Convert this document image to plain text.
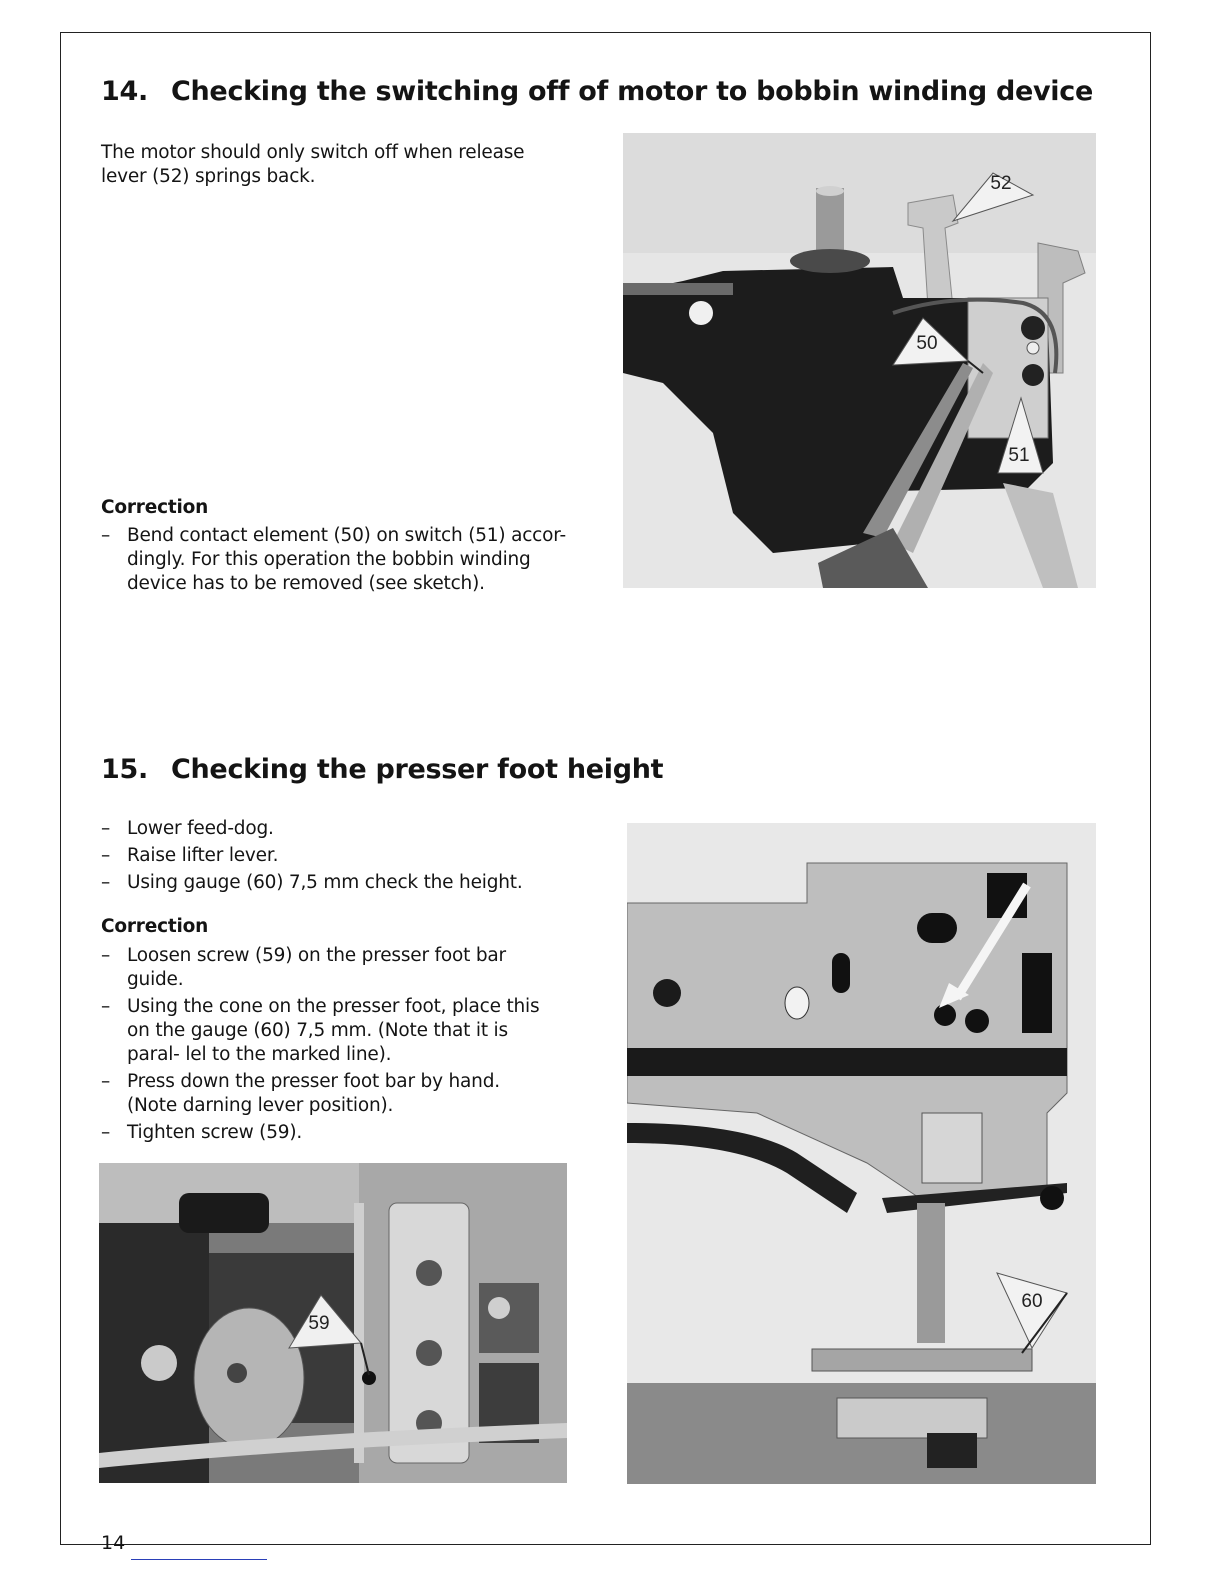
14. Checking the switching off of motor to bobbin winding device

The motor should only switch off when release
lever (52) springs back.

Correction

– Bend contact element (50) on switch (51) accor- dingly. For this operation the bobbin winding device has to be removed (see sketch).
52
50
51
15. Checking the presser foot height
– Lower feed-dog.
– Raise lifter lever.
– Using gauge (60) 7,5 mm check the height.

Correction

– Loosen screw (59) on the presser foot bar guide.
– Using the cone on the presser foot, place this on the gauge (60) 7,5 mm. (Note that it is paral- lel to the marked line).
– Press down the presser foot bar by hand. (Note darning lever position).
– Tighten screw (59).
59
60
14
